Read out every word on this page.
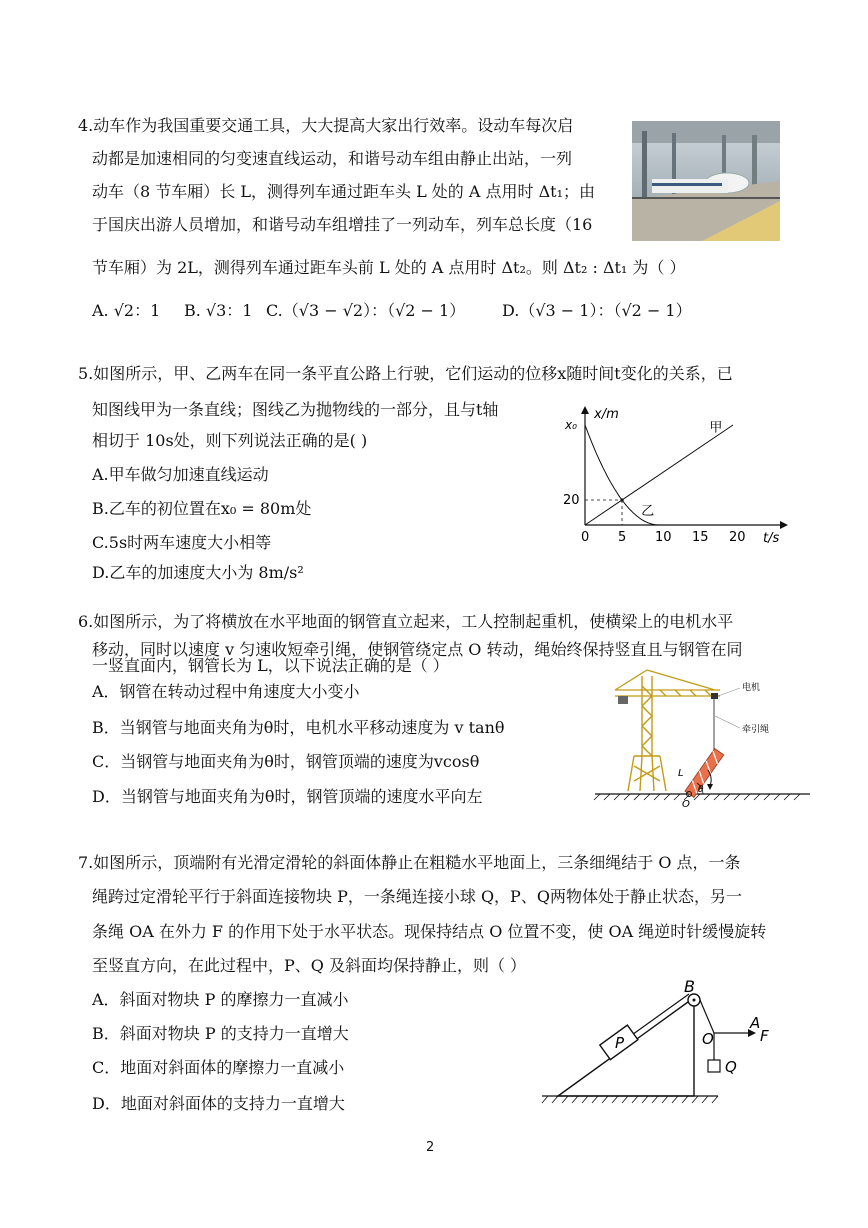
4.动车作为我国重要交通工具，大大提高大家出行效率。设动车每次启
动都是加速相同的匀变速直线运动，和谐号动车组由静止出站，一列
动车（8 节车厢）长 L，测得列车通过距车头 L 处的 A 点用时 Δt₁；由
于国庆出游人员增加，和谐号动车组增挂了一列动车，列车总长度（16
节车厢）为 2L，测得列车通过距车头前 L 处的 A 点用时 Δt₂。则 Δt₂ : Δt₁ 为（ ）
A. √2：1 B. √3：1 C.（√3 − √2）：（√2 − 1） D.（√3 − 1）：（√2 − 1）
5.如图所示，甲、乙两车在同一条平直公路上行驶，它们运动的位移x随时间t变化的关系，已
知图线甲为一条直线；图线乙为抛物线的一部分，且与t轴
相切于 10s处，则下列说法正确的是( )
A.甲车做匀加速直线运动
B.乙车的初位置在x₀ = 80m处
C.5s时两车速度大小相等
D.乙车的加速度大小为 8m/s²
x/m
t/s
0 5 10 15 20
20
x₀	甲
乙
6.如图所示，为了将横放在水平地面的钢管直立起来，工人控制起重机，使横梁上的电机水平
移动，同时以速度 v 匀速收短牵引绳，使钢管绕定点 O 转动，绳始终保持竖直且与钢管在同
一竖直面内，钢管长为 L，以下说法正确的是（ ）
A．钢管在转动过程中角速度大小变小
B．当钢管与地面夹角为θ时，电机水平移动速度为 v tanθ
C．当钢管与地面夹角为θ时，钢管顶端的速度为vcosθ
D．当钢管与地面夹角为θ时，钢管顶端的速度水平向左
电机
牵引绳
L
θ
O
7.如图所示，顶端附有光滑定滑轮的斜面体静止在粗糙水平地面上，三条细绳结于 O 点，一条
绳跨过定滑轮平行于斜面连接物块 P，一条绳连接小球 Q，P、Q两物体处于静止状态，另一
条绳 OA 在外力 F 的作用下处于水平状态。现保持结点 O 位置不变，使 OA 绳逆时针缓慢旋转
至竖直方向，在此过程中，P、Q 及斜面均保持静止，则（ ）
A．斜面对物块 P 的摩擦力一直减小
B．斜面对物块 P 的支持力一直增大
C．地面对斜面体的摩擦力一直减小
D．地面对斜面体的支持力一直增大
B
P	O
A
F
Q
2
